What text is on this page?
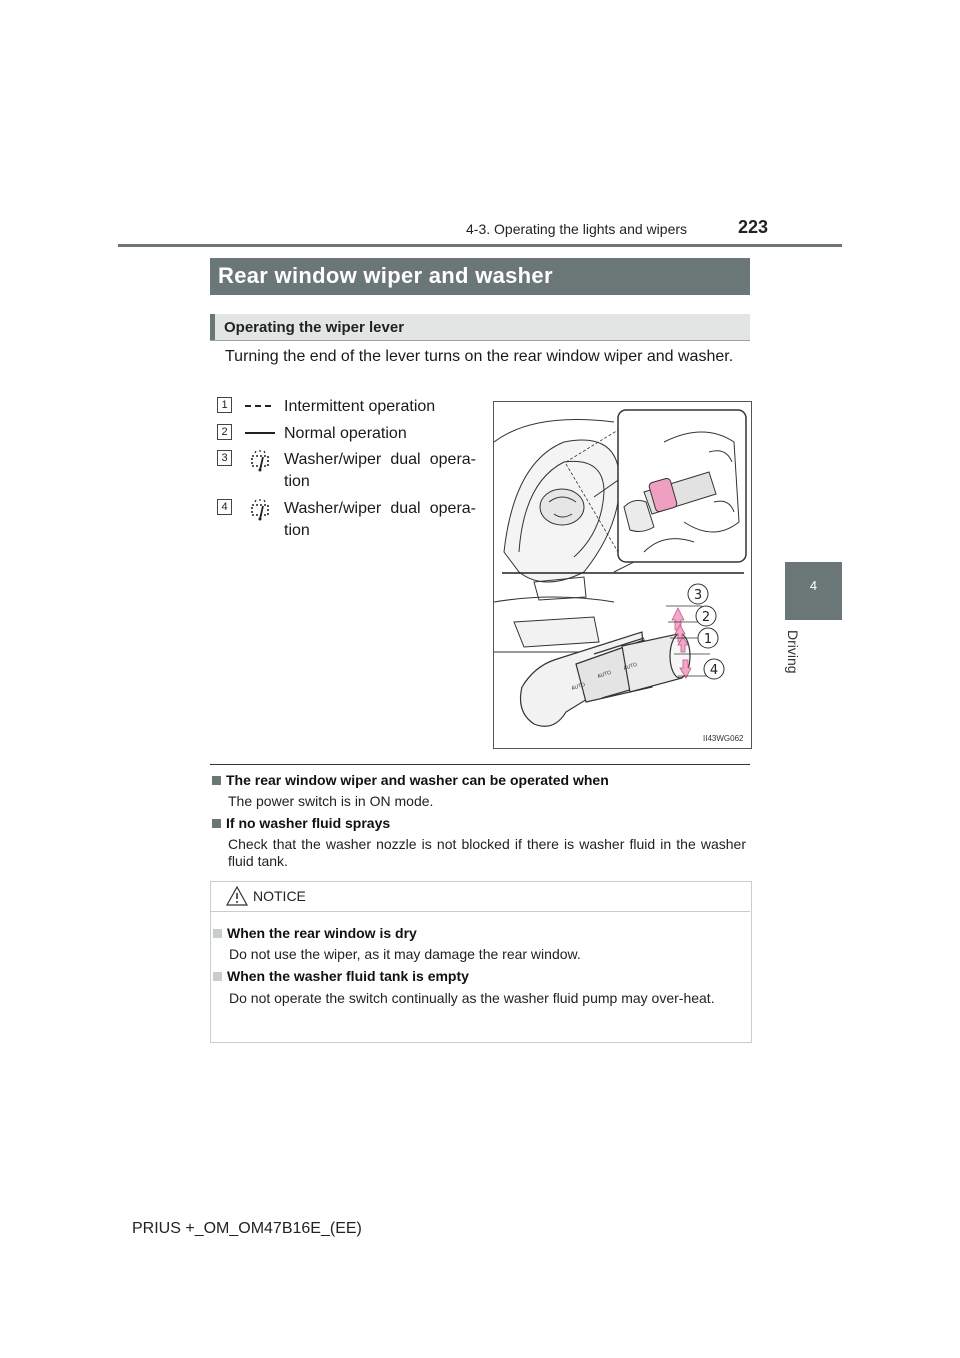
4-3. Operating the lights and wipers	223
4
Driving
Rear window wiper and washer
Operating the wiper lever
Turning the end of the lever turns on the rear window wiper and washer.
1	Intermittent operation
2	Normal operation
3	Washer/wiper dual opera-tion
4	Washer/wiper dual opera-tion
AUTO
AUTO
AUTO
3
2
1
4
II43WG062
The rear window wiper and washer can be operated when
The power switch is in ON mode.
If no washer fluid sprays
Check that the washer nozzle is not blocked if there is washer fluid in the washer fluid tank.
NOTICE
When the rear window is dry
Do not use the wiper, as it may damage the rear window.
When the washer fluid tank is empty
Do not operate the switch continually as the washer fluid pump may over-heat.
PRIUS +_OM_OM47B16E_(EE)
